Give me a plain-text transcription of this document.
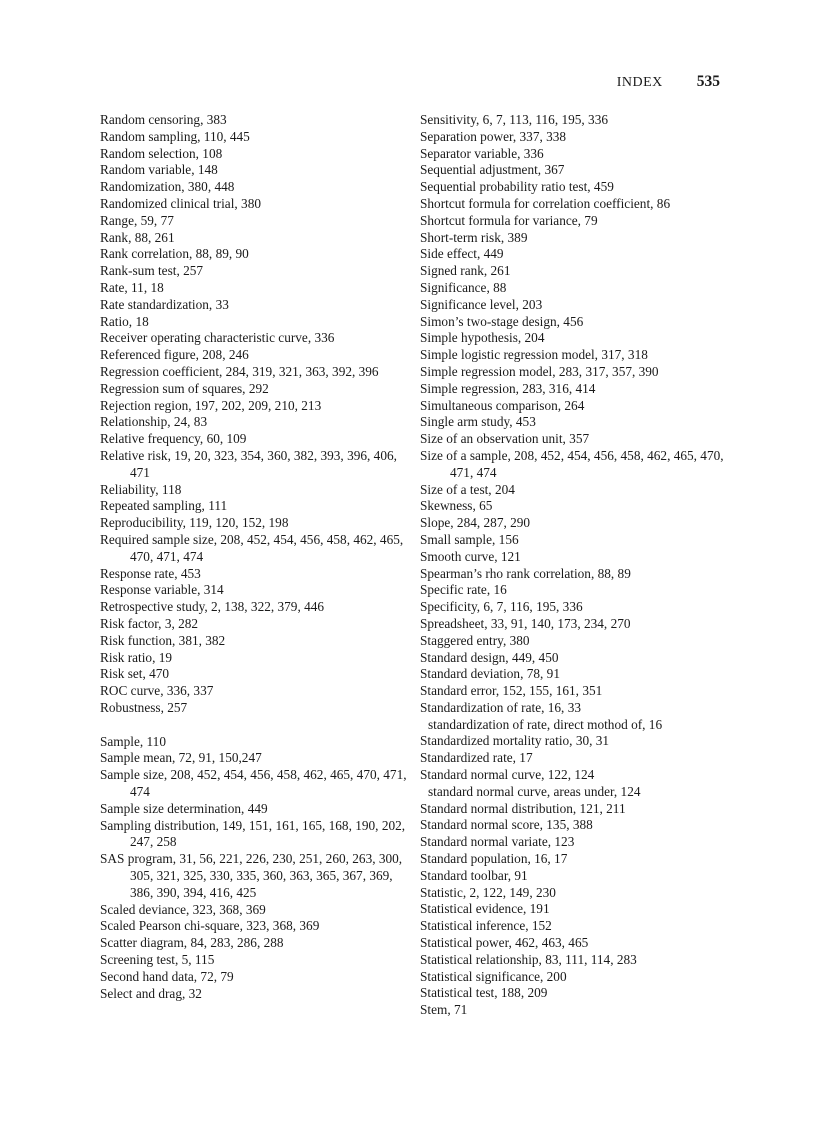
INDEX 535
Random censoring, 383
Random sampling, 110, 445
Random selection, 108
Random variable, 148
Randomization, 380, 448
Randomized clinical trial, 380
Range, 59, 77
Rank, 88, 261
Rank correlation, 88, 89, 90
Rank-sum test, 257
Rate, 11, 18
Rate standardization, 33
Ratio, 18
Receiver operating characteristic curve, 336
Referenced figure, 208, 246
Regression coefficient, 284, 319, 321, 363, 392, 396
Regression sum of squares, 292
Rejection region, 197, 202, 209, 210, 213
Relationship, 24, 83
Relative frequency, 60, 109
Relative risk, 19, 20, 323, 354, 360, 382, 393, 396, 406, 471
Reliability, 118
Repeated sampling, 111
Reproducibility, 119, 120, 152, 198
Required sample size, 208, 452, 454, 456, 458, 462, 465, 470, 471, 474
Response rate, 453
Response variable, 314
Retrospective study, 2, 138, 322, 379, 446
Risk factor, 3, 282
Risk function, 381, 382
Risk ratio, 19
Risk set, 470
ROC curve, 336, 337
Robustness, 257
Sample, 110
Sample mean, 72, 91, 150,247
Sample size, 208, 452, 454, 456, 458, 462, 465, 470, 471, 474
Sample size determination, 449
Sampling distribution, 149, 151, 161, 165, 168, 190, 202, 247, 258
SAS program, 31, 56, 221, 226, 230, 251, 260, 263, 300, 305, 321, 325, 330, 335, 360, 363, 365, 367, 369, 386, 390, 394, 416, 425
Scaled deviance, 323, 368, 369
Scaled Pearson chi-square, 323, 368, 369
Scatter diagram, 84, 283, 286, 288
Screening test, 5, 115
Second hand data, 72, 79
Select and drag, 32
Sensitivity, 6, 7, 113, 116, 195, 336
Separation power, 337, 338
Separator variable, 336
Sequential adjustment, 367
Sequential probability ratio test, 459
Shortcut formula for correlation coefficient, 86
Shortcut formula for variance, 79
Short-term risk, 389
Side effect, 449
Signed rank, 261
Significance, 88
Significance level, 203
Simon’s two-stage design, 456
Simple hypothesis, 204
Simple logistic regression model, 317, 318
Simple regression model, 283, 317, 357, 390
Simple regression, 283, 316, 414
Simultaneous comparison, 264
Single arm study, 453
Size of an observation unit, 357
Size of a sample, 208, 452, 454, 456, 458, 462, 465, 470, 471, 474
Size of a test, 204
Skewness, 65
Slope, 284, 287, 290
Small sample, 156
Smooth curve, 121
Spearman’s rho rank correlation, 88, 89
Specific rate, 16
Specificity, 6, 7, 116, 195, 336
Spreadsheet, 33, 91, 140, 173, 234, 270
Staggered entry, 380
Standard design, 449, 450
Standard deviation, 78, 91
Standard error, 152, 155, 161, 351
Standardization of rate, 16, 33
standardization of rate, direct mothod of, 16
Standardized mortality ratio, 30, 31
Standardized rate, 17
Standard normal curve, 122, 124
standard normal curve, areas under, 124
Standard normal distribution, 121, 211
Standard normal score, 135, 388
Standard normal variate, 123
Standard population, 16, 17
Standard toolbar, 91
Statistic, 2, 122, 149, 230
Statistical evidence, 191
Statistical inference, 152
Statistical power, 462, 463, 465
Statistical relationship, 83, 111, 114, 283
Statistical significance, 200
Statistical test, 188, 209
Stem, 71
